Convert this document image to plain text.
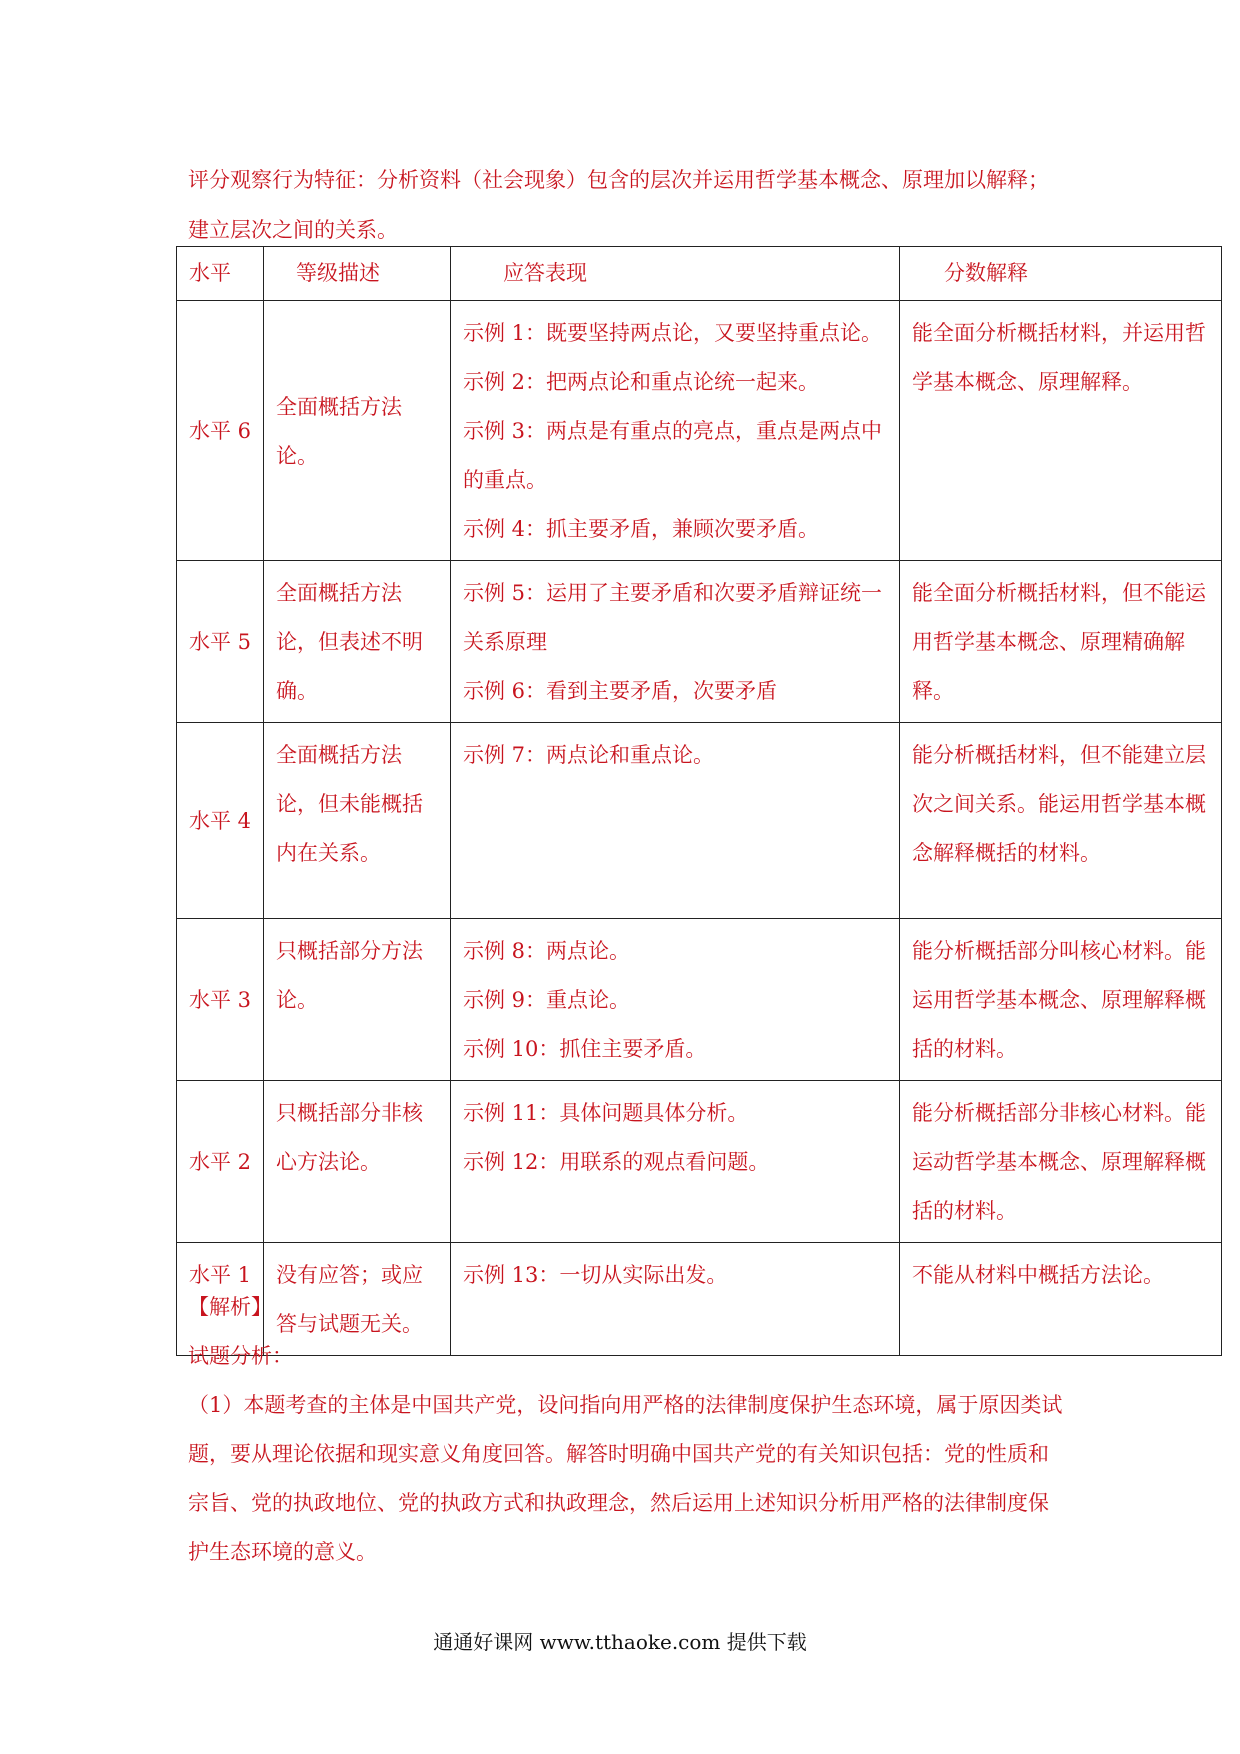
评分观察行为特征：分析资料（社会现象）包含的层次并运用哲学基本概念、原理加以解释；

建立层次之间的关系。

水平	等级描述	应答表现	分数解释
水平 6	全面概括方法论。	示例 1：既要坚持两点论，又要坚持重点论。
示例 2：把两点论和重点论统一起来。
示例 3：两点是有重点的亮点，重点是两点中的重点。
示例 4：抓主要矛盾，兼顾次要矛盾。	能全面分析概括材料，并运用哲学基本概念、原理解释。
水平 5	全面概括方法论，但表述不明确。	示例 5：运用了主要矛盾和次要矛盾辩证统一关系原理
示例 6：看到主要矛盾，次要矛盾	能全面分析概括材料，但不能运用哲学基本概念、原理精确解释。
水平 4	全面概括方法论，但未能概括内在关系。	示例 7：两点论和重点论。	能分析概括材料，但不能建立层次之间关系。能运用哲学基本概念解释概括的材料。
水平 3	只概括部分方法论。	示例 8：两点论。
示例 9：重点论。
示例 10：抓住主要矛盾。	能分析概括部分叫核心材料。能运用哲学基本概念、原理解释概括的材料。
水平 2	只概括部分非核心方法论。	示例 11：具体问题具体分析。
示例 12：用联系的观点看问题。	能分析概括部分非核心材料。能运动哲学基本概念、原理解释概括的材料。
水平 1	没有应答；或应答与试题无关。	示例 13：一切从实际出发。	不能从材料中概括方法论。

【解析】

试题分析：

（1）本题考查的主体是中国共产党，设问指向用严格的法律制度保护生态环境，属于原因类试题，要从理论依据和现实意义角度回答。解答时明确中国共产党的有关知识包括：党的性质和宗旨、党的执政地位、党的执政方式和执政理念，然后运用上述知识分析用严格的法律制度保护生态环境的意义。

通通好课网 www.tthaoke.com 提供下载
